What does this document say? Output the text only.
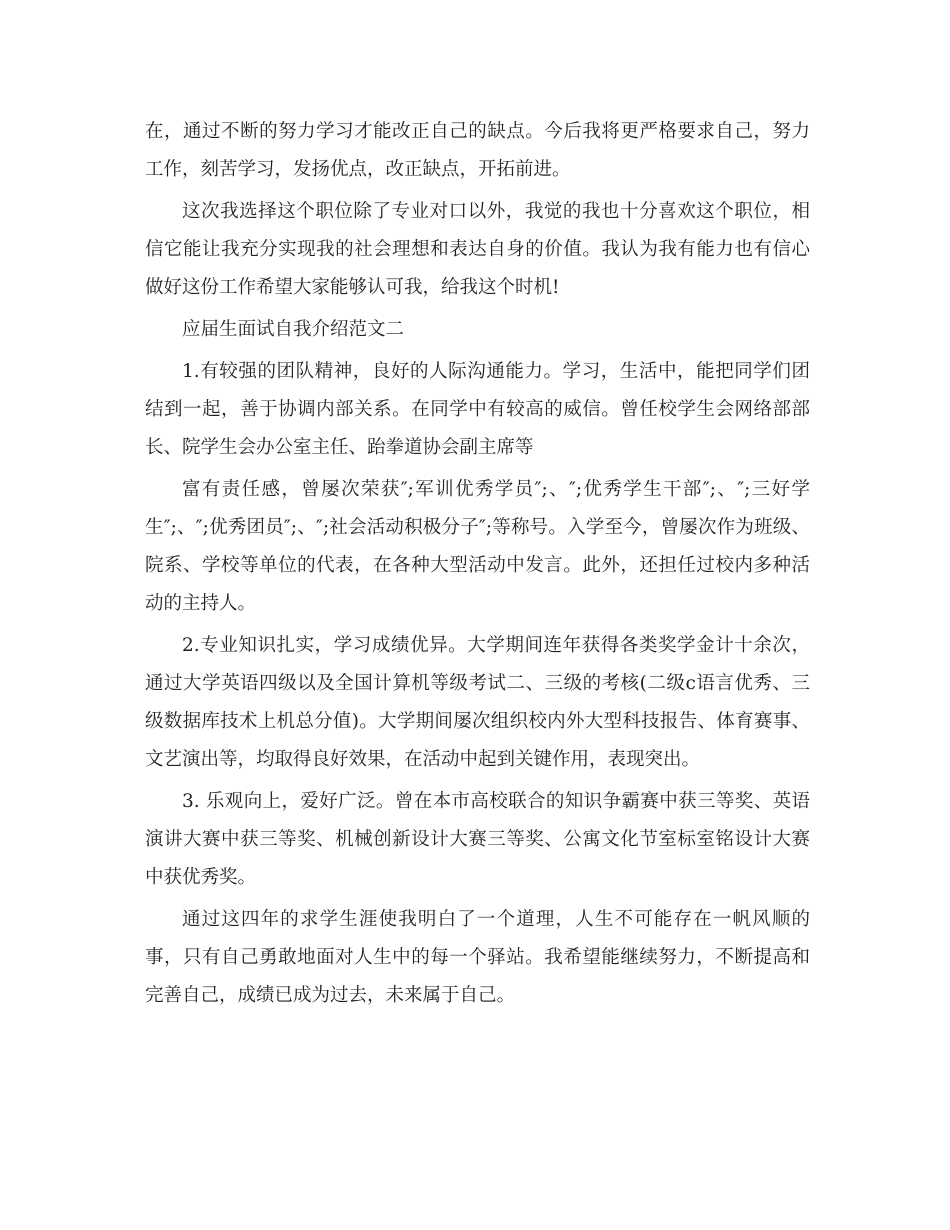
在，通过不断的努力学习才能改正自己的缺点。今后我将更严格要求自己，努力工作，刻苦学习，发扬优点，改正缺点，开拓前进。

这次我选择这个职位除了专业对口以外，我觉的我也十分喜欢这个职位，相信它能让我充分实现我的社会理想和表达自身的价值。我认为我有能力也有信心做好这份工作希望大家能够认可我，给我这个时机!

应届生面试自我介绍范文二

1.有较强的团队精神，良好的人际沟通能力。学习，生活中，能把同学们团结到一起，善于协调内部关系。在同学中有较高的威信。曾任校学生会网络部部长、院学生会办公室主任、跆拳道协会副主席等

富有责任感，曾屡次荣获″;军训优秀学员″;、″;优秀学生干部″;、″;三好学生″;、″;优秀团员″;、″;社会活动积极分子″;等称号。入学至今，曾屡次作为班级、院系、学校等单位的代表，在各种大型活动中发言。此外，还担任过校内多种活动的主持人。

2.专业知识扎实，学习成绩优异。大学期间连年获得各类奖学金计十余次，通过大学英语四级以及全国计算机等级考试二、三级的考核(二级c语言优秀、三级数据库技术上机总分值)。大学期间屡次组织校内外大型科技报告、体育赛事、文艺演出等，均取得良好效果，在活动中起到关键作用，表现突出。

3. 乐观向上，爱好广泛。曾在本市高校联合的知识争霸赛中获三等奖、英语演讲大赛中获三等奖、机械创新设计大赛三等奖、公寓文化节室标室铭设计大赛中获优秀奖。

通过这四年的求学生涯使我明白了一个道理，人生不可能存在一帆风顺的事，只有自己勇敢地面对人生中的每一个驿站。我希望能继续努力，不断提高和完善自己，成绩已成为过去，未来属于自己。
